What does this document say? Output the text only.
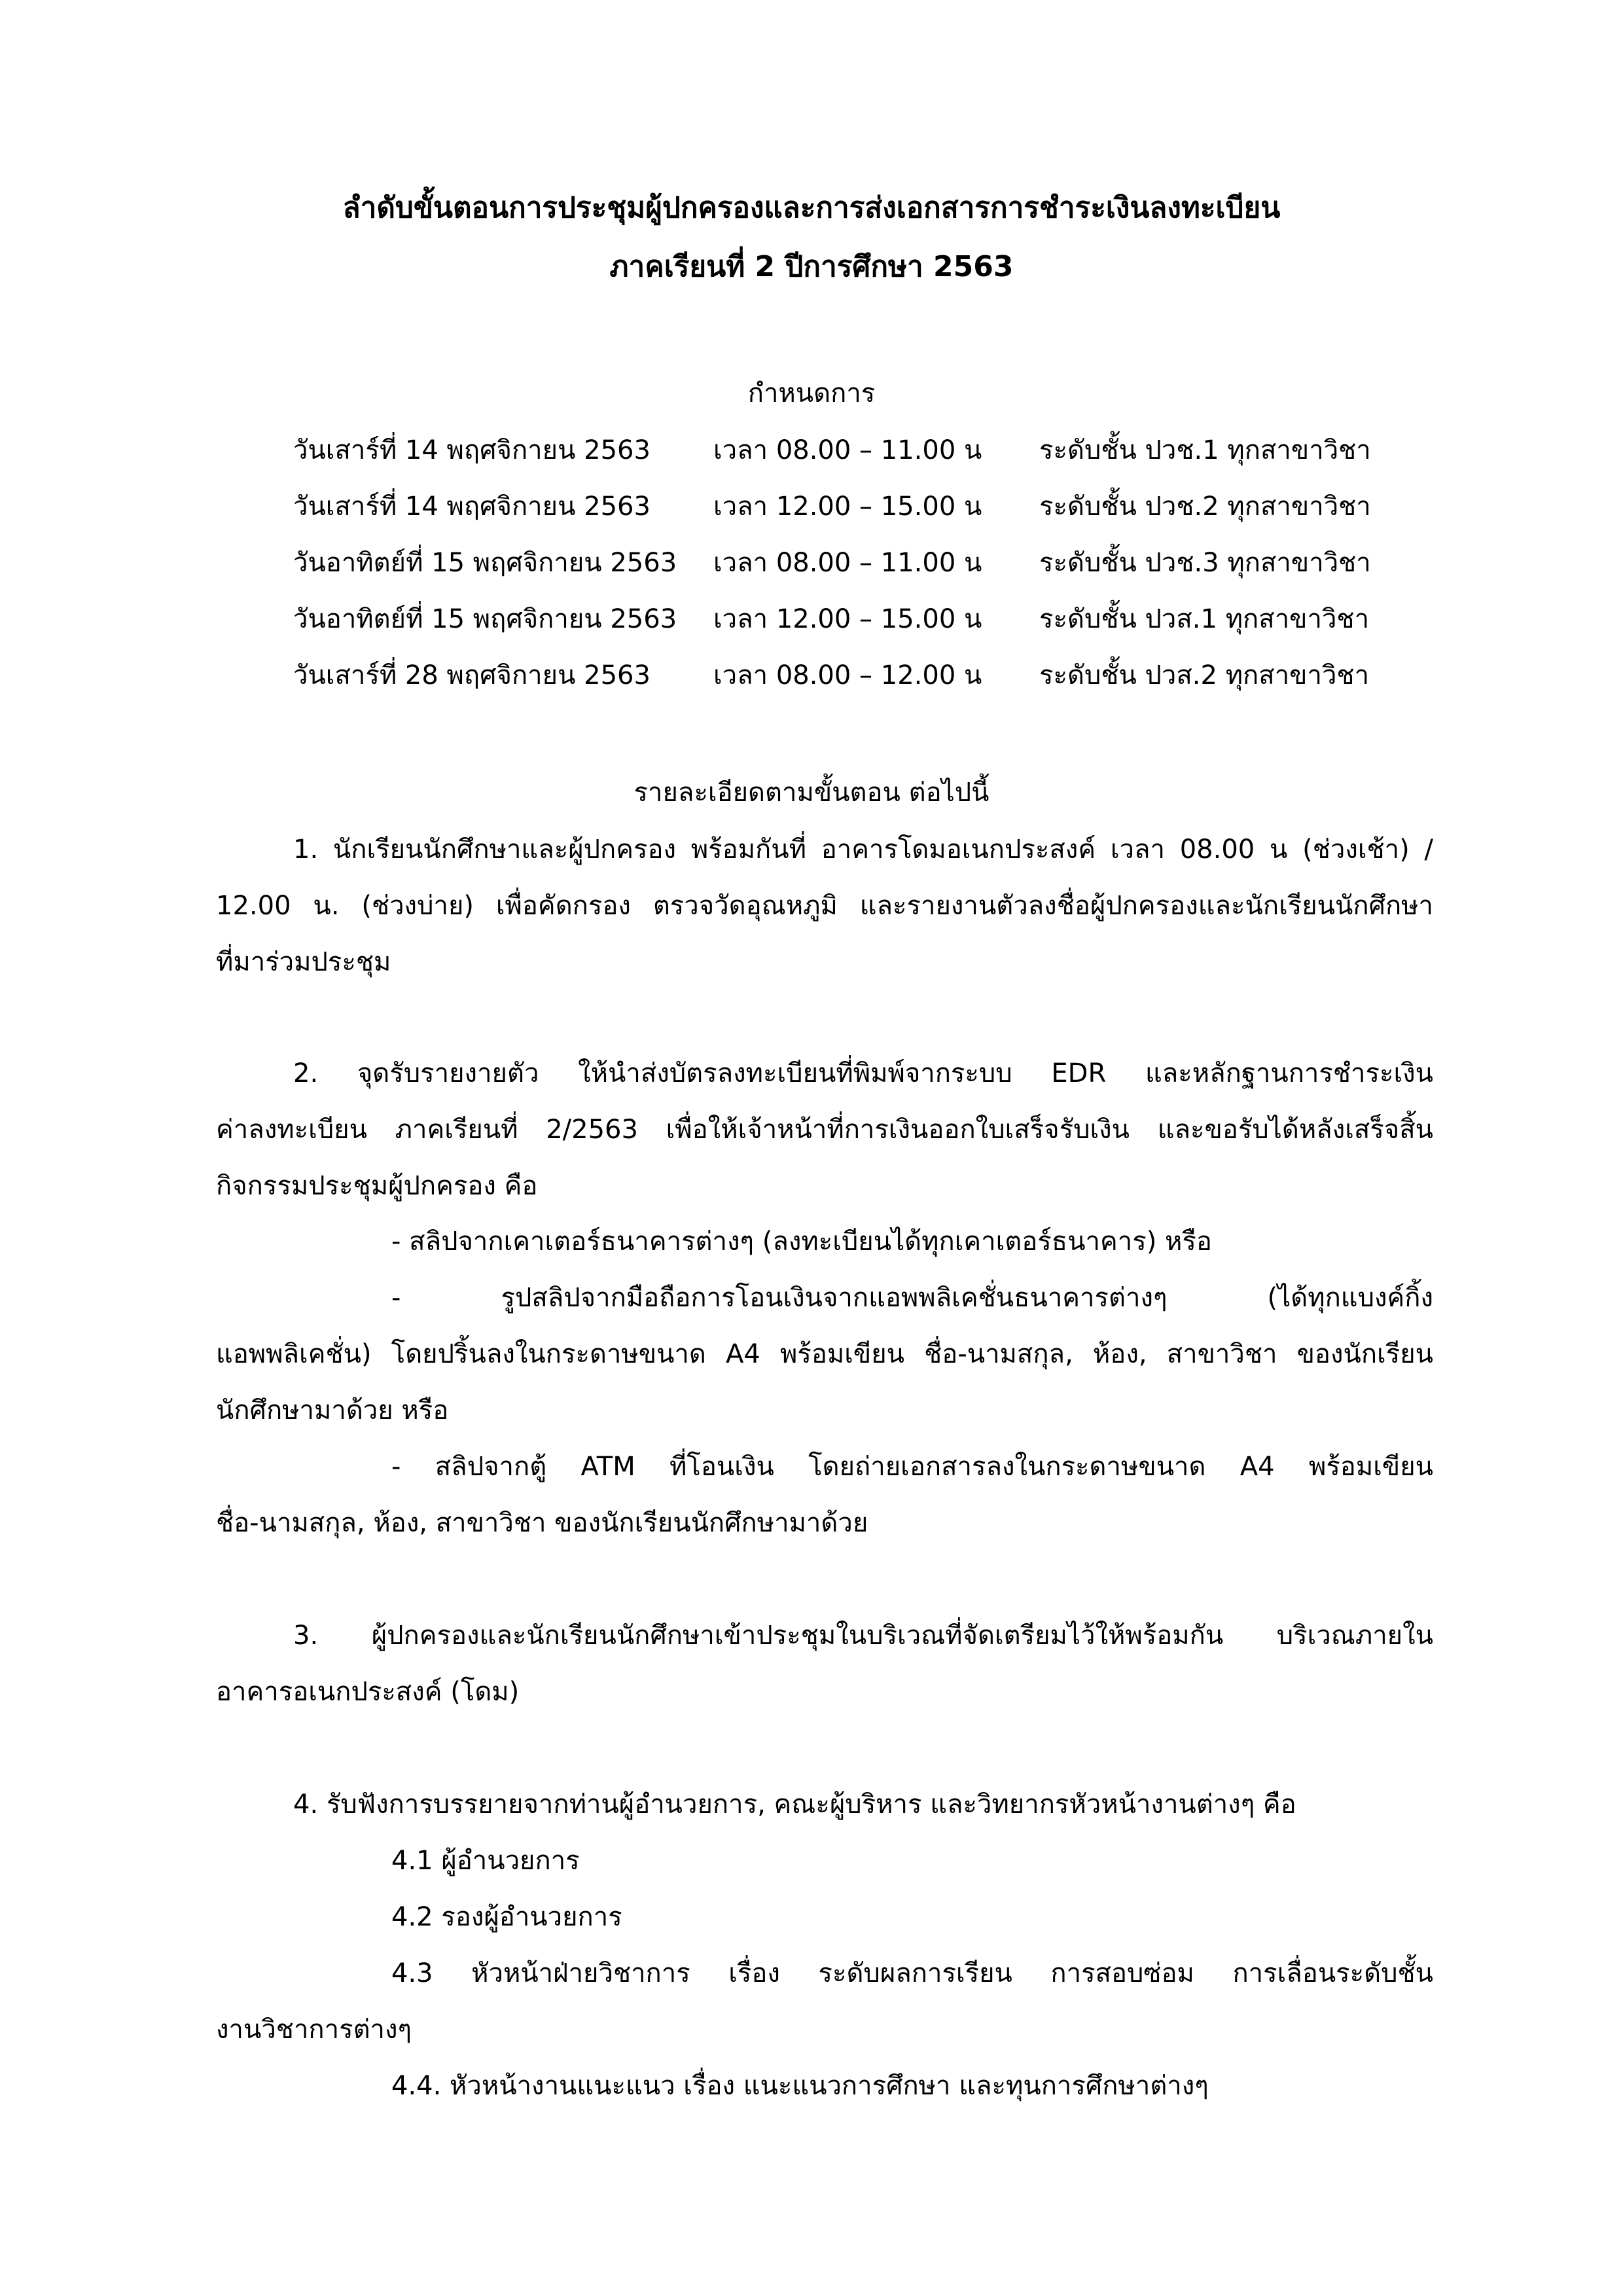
ลำดับขั้นตอนการประชุมผู้ปกครองและการส่งเอกสารการชำระเงินลงทะเบียน
ภาคเรียนที่ 2 ปีการศึกษา 2563
กำหนดการ
วันเสาร์ที่ 14 พฤศจิกายน 2563 เวลา 08.00 – 11.00 น ระดับชั้น ปวช.1 ทุกสาขาวิชา
วันเสาร์ที่ 14 พฤศจิกายน 2563 เวลา 12.00 – 15.00 น ระดับชั้น ปวช.2 ทุกสาขาวิชา
วันอาทิตย์ที่ 15 พฤศจิกายน 2563 เวลา 08.00 – 11.00 น ระดับชั้น ปวช.3 ทุกสาขาวิชา
วันอาทิตย์ที่ 15 พฤศจิกายน 2563 เวลา 12.00 – 15.00 น ระดับชั้น ปวส.1 ทุกสาขาวิชา
วันเสาร์ที่ 28 พฤศจิกายน 2563 เวลา 08.00 – 12.00 น ระดับชั้น ปวส.2 ทุกสาขาวิชา
รายละเอียดตามขั้นตอน ต่อไปนี้
1. นักเรียนนักศึกษาและผู้ปกครอง พร้อมกันที่ อาคารโดมอเนกประสงค์ เวลา 08.00 น (ช่วงเช้า) /
12.00 น. (ช่วงบ่าย) เพื่อคัดกรอง ตรวจวัดอุณหภูมิ และรายงานตัวลงชื่อผู้ปกครองและนักเรียนนักศึกษา
ที่มาร่วมประชุม
2. จุดรับรายงายตัว ให้นำส่งบัตรลงทะเบียนที่พิมพ์จากระบบ EDR และหลักฐานการชำระเงิน
ค่าลงทะเบียน ภาคเรียนที่ 2/2563 เพื่อให้เจ้าหน้าที่การเงินออกใบเสร็จรับเงิน และขอรับได้หลังเสร็จสิ้น
กิจกรรมประชุมผู้ปกครอง คือ
- สลิปจากเคาเตอร์ธนาคารต่างๆ (ลงทะเบียนได้ทุกเคาเตอร์ธนาคาร) หรือ
- รูปสลิปจากมือถือการโอนเงินจากแอพพลิเคชั่นธนาคารต่างๆ (ได้ทุกแบงค์กิ้ง
แอพพลิเคชั่น) โดยปริ้นลงในกระดาษขนาด A4 พร้อมเขียน ชื่อ-นามสกุล, ห้อง, สาขาวิชา ของนักเรียน
นักศึกษามาด้วย หรือ
- สลิปจากตู้ ATM ที่โอนเงิน โดยถ่ายเอกสารลงในกระดาษขนาด A4 พร้อมเขียน
ชื่อ-นามสกุล, ห้อง, สาขาวิชา ของนักเรียนนักศึกษามาด้วย
3. ผู้ปกครองและนักเรียนนักศึกษาเข้าประชุมในบริเวณที่จัดเตรียมไว้ให้พร้อมกัน บริเวณภายใน
อาคารอเนกประสงค์ (โดม)
4. รับฟังการบรรยายจากท่านผู้อำนวยการ, คณะผู้บริหาร และวิทยากรหัวหน้างานต่างๆ คือ
4.1 ผู้อำนวยการ
4.2 รองผู้อำนวยการ
4.3 หัวหน้าฝ่ายวิชาการ เรื่อง ระดับผลการเรียน การสอบซ่อม การเลื่อนระดับชั้น
งานวิชาการต่างๆ
4.4. หัวหน้างานแนะแนว เรื่อง แนะแนวการศึกษา และทุนการศึกษาต่างๆ
